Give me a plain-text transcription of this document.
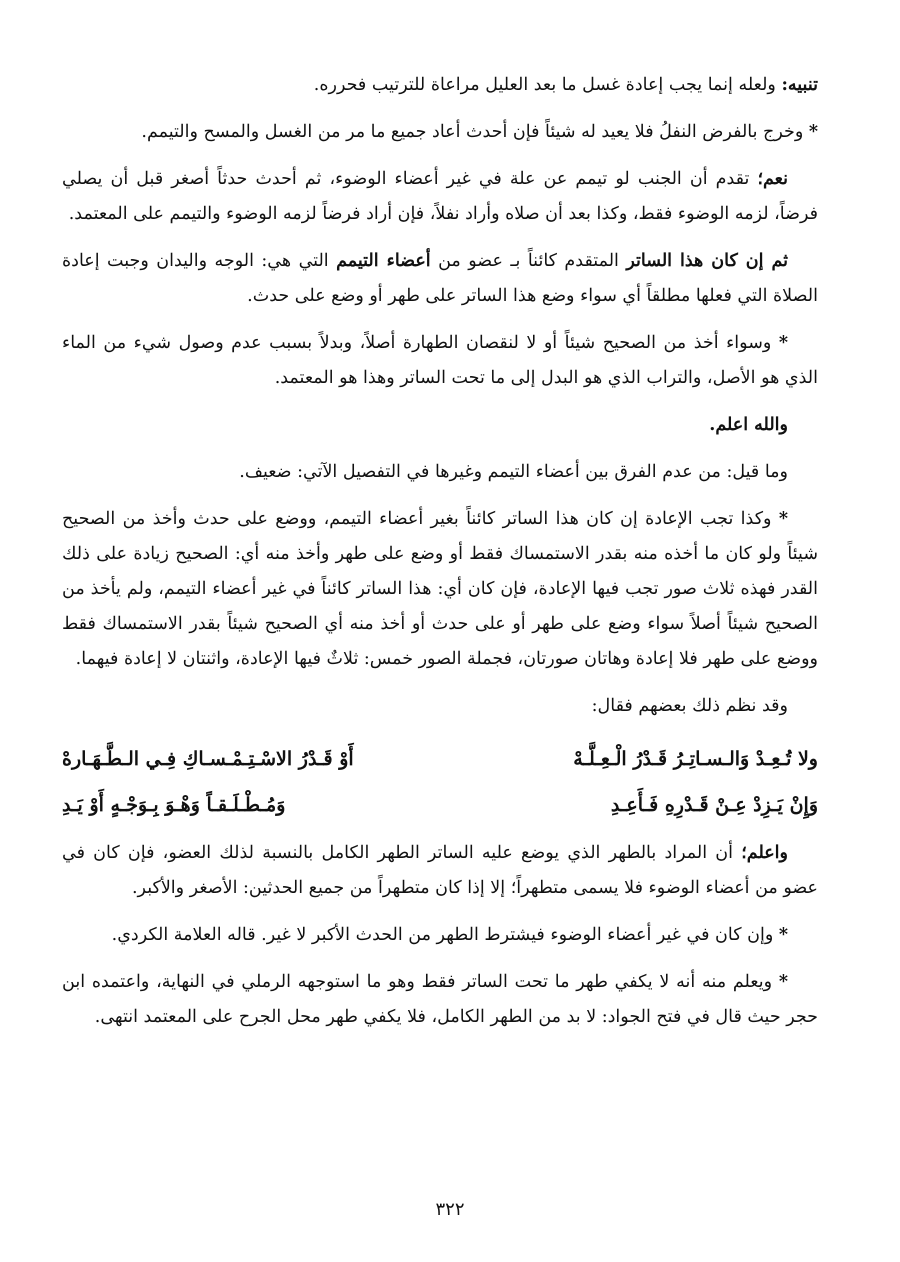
تنبيه: ولعله إنما يجب إعادة غسل ما بعد العليل مراعاة للترتيب فحرره.

* وخرج بالفرض النفلُ فلا يعيد له شيئاً فإن أحدث أعاد جميع ما مر من الغسل والمسح والتيمم.

نعم؛ تقدم أن الجنب لو تيمم عن علة في غير أعضاء الوضوء، ثم أحدث حدثاً أصغر قبل أن يصلي فرضاً، لزمه الوضوء فقط، وكذا بعد أن صلاه وأراد نفلاً، فإن أراد فرضاً لزمه الوضوء والتيمم على المعتمد.

ثم إن كان هذا الساتر المتقدم كائناً بـ عضو من أعضاء التيمم التي هي: الوجه واليدان وجبت إعادة الصلاة التي فعلها مطلقاً أي سواء وضع هذا الساتر على طهر أو وضع على حدث.

* وسواء أخذ من الصحيح شيئاً أو لا لنقصان الطهارة أصلاً، وبدلاً بسبب عدم وصول شيء من الماء الذي هو الأصل، والتراب الذي هو البدل إلى ما تحت الساتر وهذا هو المعتمد.

والله اعلم.

وما قيل: من عدم الفرق بين أعضاء التيمم وغيرها في التفصيل الآتي: ضعيف.

* وكذا تجب الإعادة إن كان هذا الساتر كائناً بغير أعضاء التيمم، ووضع على حدث وأخذ من الصحيح شيئاً ولو كان ما أخذه منه بقدر الاستمساك فقط أو وضع على طهر وأخذ منه أي: الصحيح زيادة على ذلك القدر فهذه ثلاث صور تجب فيها الإعادة، فإن كان أي: هذا الساتر كائناً في غير أعضاء التيمم، ولم يأخذ من الصحيح شيئاً أصلاً سواء وضع على طهر أو على حدث أو أخذ منه أي الصحيح شيئاً بقدر الاستمساك فقط ووضع على طهر فلا إعادة وهاتان صورتان، فجملة الصور خمس: ثلاثٌ فيها الإعادة، واثنتان لا إعادة فيهما.

وقد نظم ذلك بعضهم فقال:

ولا تُـعِـدْ وَالـسـاتِـرُ قَـدْرُ الْـعِـلَّـهْ
أَوْ قَـدْرُ الاسْـتِـمْـسـاكِ فِـي الـطَّـهَـارهْ
وَإِنْ يَـزِدْ عِـنْ قَـدْرِهِ فَـأَعِـدِ
وَمُـطْـلَـقـاً وَهْـوَ بِـوَجْـهٍ أَوْ يَـدِ

واعلم؛ أن المراد بالطهر الذي يوضع عليه الساتر الطهر الكامل بالنسبة لذلك العضو، فإن كان في عضو من أعضاء الوضوء فلا يسمى متطهراً؛ إلا إذا كان متطهراً من جميع الحدثين: الأصغر والأكبر.

* وإن كان في غير أعضاء الوضوء فيشترط الطهر من الحدث الأكبر لا غير. قاله العلامة الكردي.

* ويعلم منه أنه لا يكفي طهر ما تحت الساتر فقط وهو ما استوجهه الرملي في النهاية، واعتمده ابن حجر حيث قال في فتح الجواد: لا بد من الطهر الكامل، فلا يكفي طهر محل الجرح على المعتمد انتهى.

٣٢٢
